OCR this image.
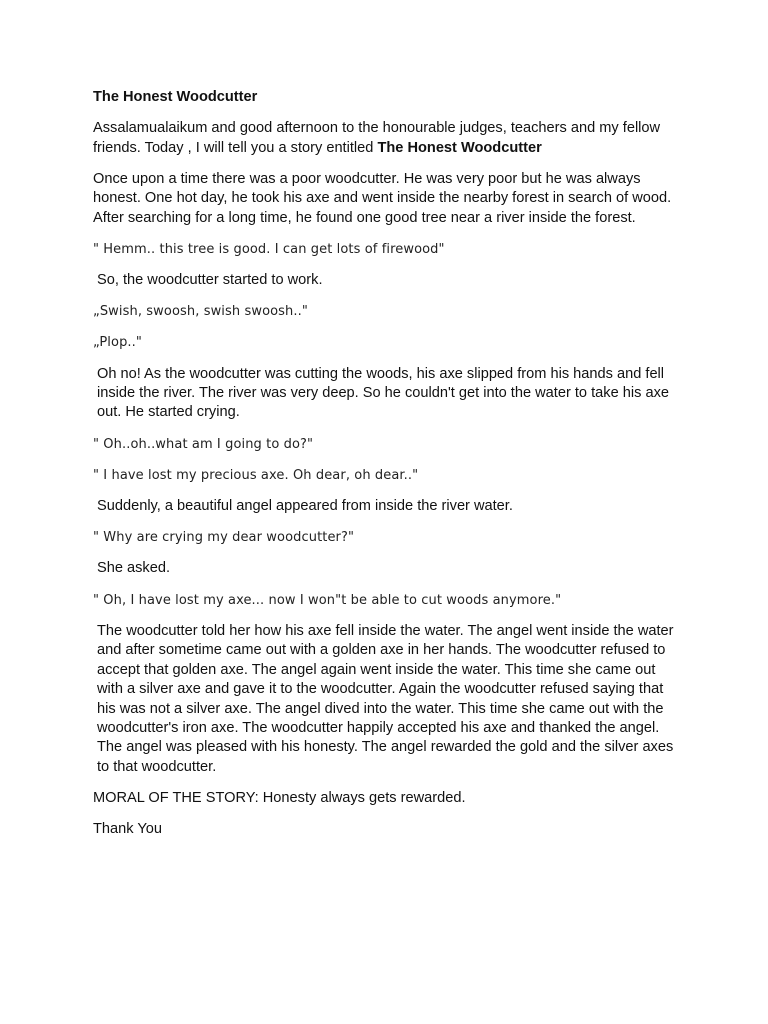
The Honest Woodcutter

Assalamualaikum and good afternoon to the honourable judges, teachers and my fellow friends. Today , I will tell you a story entitled The Honest Woodcutter

Once upon a time there was a poor woodcutter. He was very poor but he was always honest. One hot day, he took his axe and went inside the nearby forest in search of wood. After searching for a long time, he found one good tree near a river inside the forest.

" Hemm.. this tree is good. I can get lots of firewood"

So, the woodcutter started to work.

„Swish, swoosh, swish swoosh.."

„Plop.."

Oh no! As the woodcutter was cutting the woods, his axe slipped from his hands and fell inside the river. The river was very deep. So he couldn't get into the water to take his axe out. He started crying.

" Oh..oh..what am I going to do?"

" I have lost my precious axe. Oh dear, oh dear.."

Suddenly, a beautiful angel appeared from inside the river water.

" Why are crying my dear woodcutter?"

She asked.

" Oh, I have lost my axe... now I won"t be able to cut woods anymore."

The woodcutter told her how his axe fell inside the water. The angel went inside the water and after sometime came out with a golden axe in her hands. The woodcutter refused to accept that golden axe. The angel again went inside the water. This time she came out with a silver axe and gave it to the woodcutter. Again the woodcutter refused saying that his was not a silver axe. The angel dived into the water. This time she came out with the woodcutter's iron axe. The woodcutter happily accepted his axe and thanked the angel. The angel was pleased with his honesty. The angel rewarded the gold and the silver axes to that woodcutter.

MORAL OF THE STORY: Honesty always gets rewarded.

Thank You
